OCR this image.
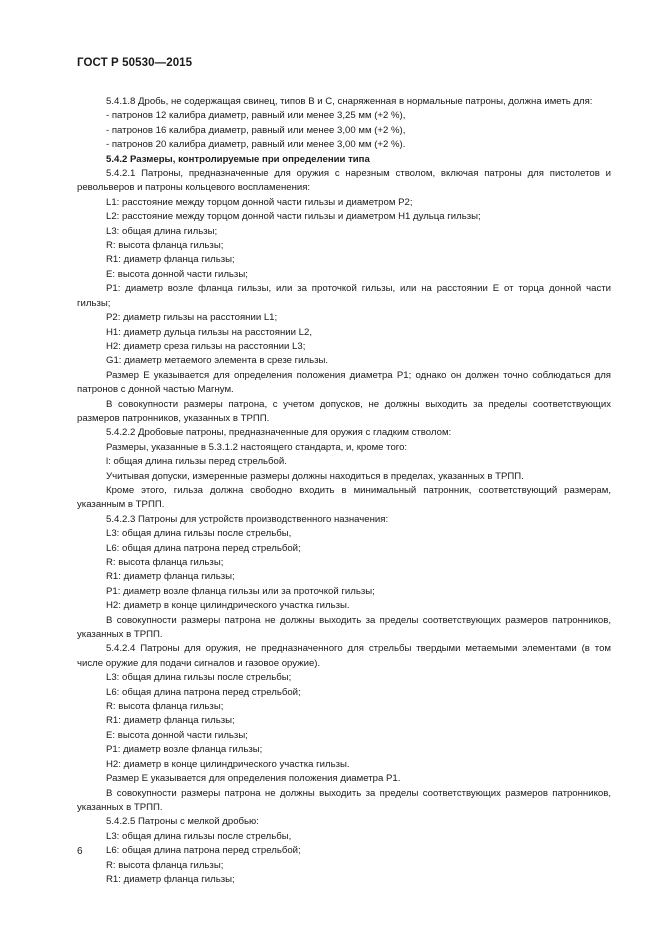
ГОСТ Р 50530—2015

5.4.1.8 Дробь, не содержащая свинец, типов B и C, снаряженная в нормальные патроны, должна иметь для:

- патронов 12 калибра диаметр, равный или менее 3,25 мм (+2 %),

- патронов 16 калибра диаметр, равный или менее 3,00 мм (+2 %),

- патронов 20 калибра диаметр, равный или менее 3,00 мм (+2 %).

5.4.2 Размеры, контролируемые при определении типа

5.4.2.1 Патроны, предназначенные для оружия с нарезным стволом, включая патроны для пистолетов и револьверов и патроны кольцевого воспламенения:

L1: расстояние между торцом донной части гильзы и диаметром P2;

L2: расстояние между торцом донной части гильзы и диаметром H1 дульца гильзы;

L3: общая длина гильзы;

R: высота фланца гильзы;

R1: диаметр фланца гильзы;

E: высота донной части гильзы;

P1: диаметр возле фланца гильзы, или за проточкой гильзы, или на расстоянии E от торца донной части гильзы;

P2: диаметр гильзы на расстоянии L1;

H1: диаметр дульца гильзы на расстоянии L2,

H2: диаметр среза гильзы на расстоянии L3;

G1: диаметр метаемого элемента в срезе гильзы.

Размер E указывается для определения положения диаметра P1; однако он должен точно соблюдаться для патронов с донной частью Магнум.

В совокупности размеры патрона, с учетом допусков, не должны выходить за пределы соответствующих размеров патронников, указанных в ТРПП.

5.4.2.2 Дробовые патроны, предназначенные для оружия с гладким стволом:

Размеры, указанные в 5.3.1.2 настоящего стандарта, и, кроме того:

l: общая длина гильзы перед стрельбой.

Учитывая допуски, измеренные размеры должны находиться в пределах, указанных в ТРПП.

Кроме этого, гильза должна свободно входить в минимальный патронник, соответствующий размерам, указанным в ТРПП.

5.4.2.3 Патроны для устройств производственного назначения:

L3: общая длина гильзы после стрельбы,

L6: общая длина патрона перед стрельбой;

R: высота фланца гильзы;

R1: диаметр фланца гильзы;

P1: диаметр возле фланца гильзы или за проточкой гильзы;

H2: диаметр в конце цилиндрического участка гильзы.

В совокупности размеры патрона не должны выходить за пределы соответствующих размеров патронников, указанных в ТРПП.

5.4.2.4 Патроны для оружия, не предназначенного для стрельбы твердыми метаемыми элементами (в том числе оружие для подачи сигналов и газовое оружие).

L3: общая длина гильзы после стрельбы;

L6: общая длина патрона перед стрельбой;

R: высота фланца гильзы;

R1: диаметр фланца гильзы;

E: высота донной части гильзы;

P1: диаметр возле фланца гильзы;

H2: диаметр в конце цилиндрического участка гильзы.

Размер E указывается для определения положения диаметра P1.

В совокупности размеры патрона не должны выходить за пределы соответствующих размеров патронников, указанных в ТРПП.

5.4.2.5 Патроны с мелкой дробью:

L3: общая длина гильзы после стрельбы,

L6: общая длина патрона перед стрельбой;

R: высота фланца гильзы;

R1: диаметр фланца гильзы;

6
